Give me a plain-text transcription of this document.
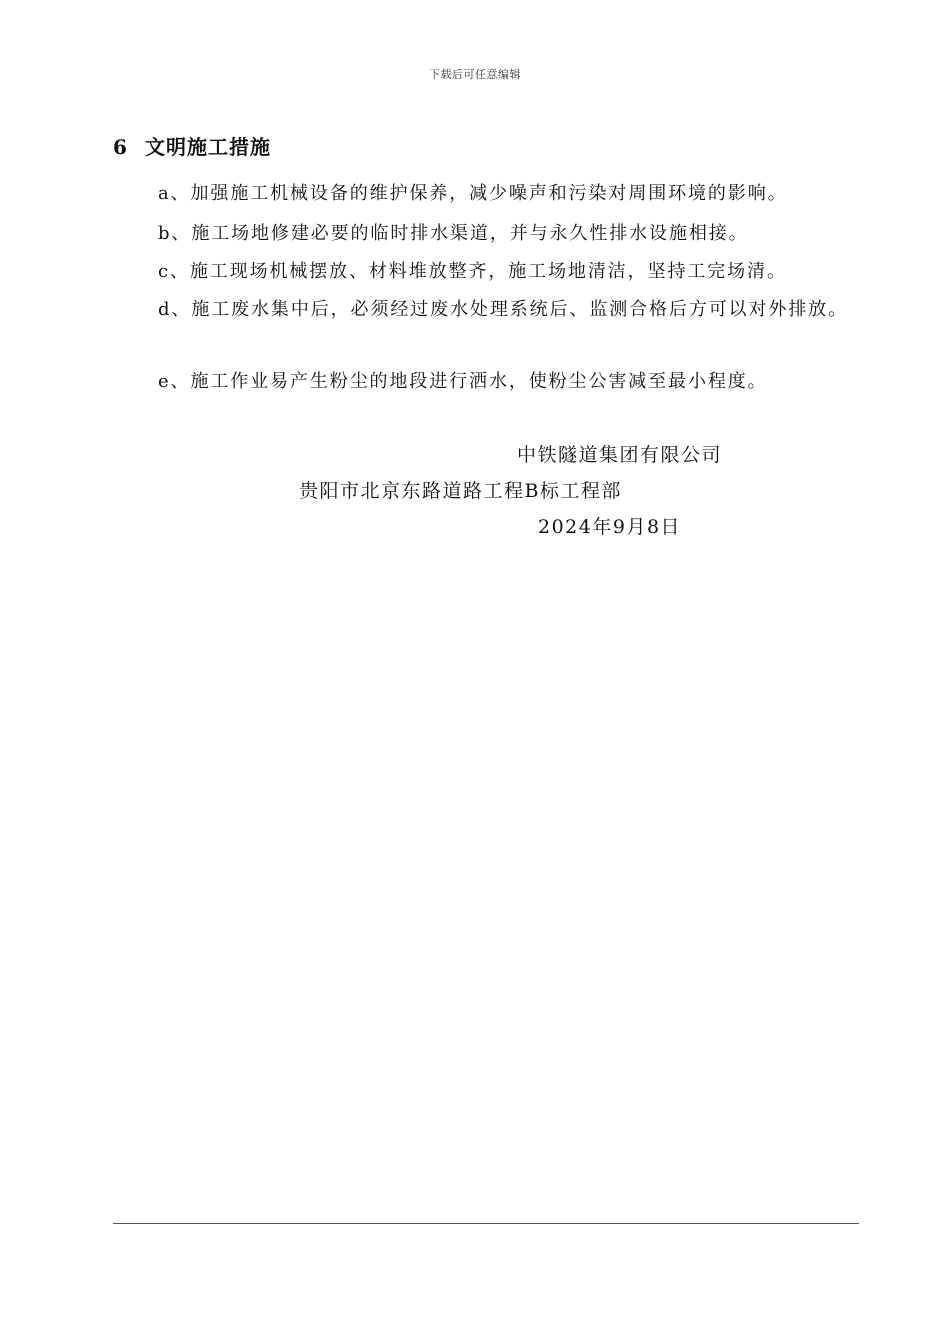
下载后可任意编辑
6 文明施工措施
a、加强施工机械设备的维护保养，减少噪声和污染对周围环境的影响。
b、施工场地修建必要的临时排水渠道，并与永久性排水设施相接。
c、施工现场机械摆放、材料堆放整齐，施工场地清洁，坚持工完场清。
d、施工废水集中后，必须经过废水处理系统后、监测合格后方可以对外排放。
e、施工作业易产生粉尘的地段进行洒水，使粉尘公害减至最小程度。
中铁隧道集团有限公司
贵阳市北京东路道路工程B标工程部
2024年9月8日
